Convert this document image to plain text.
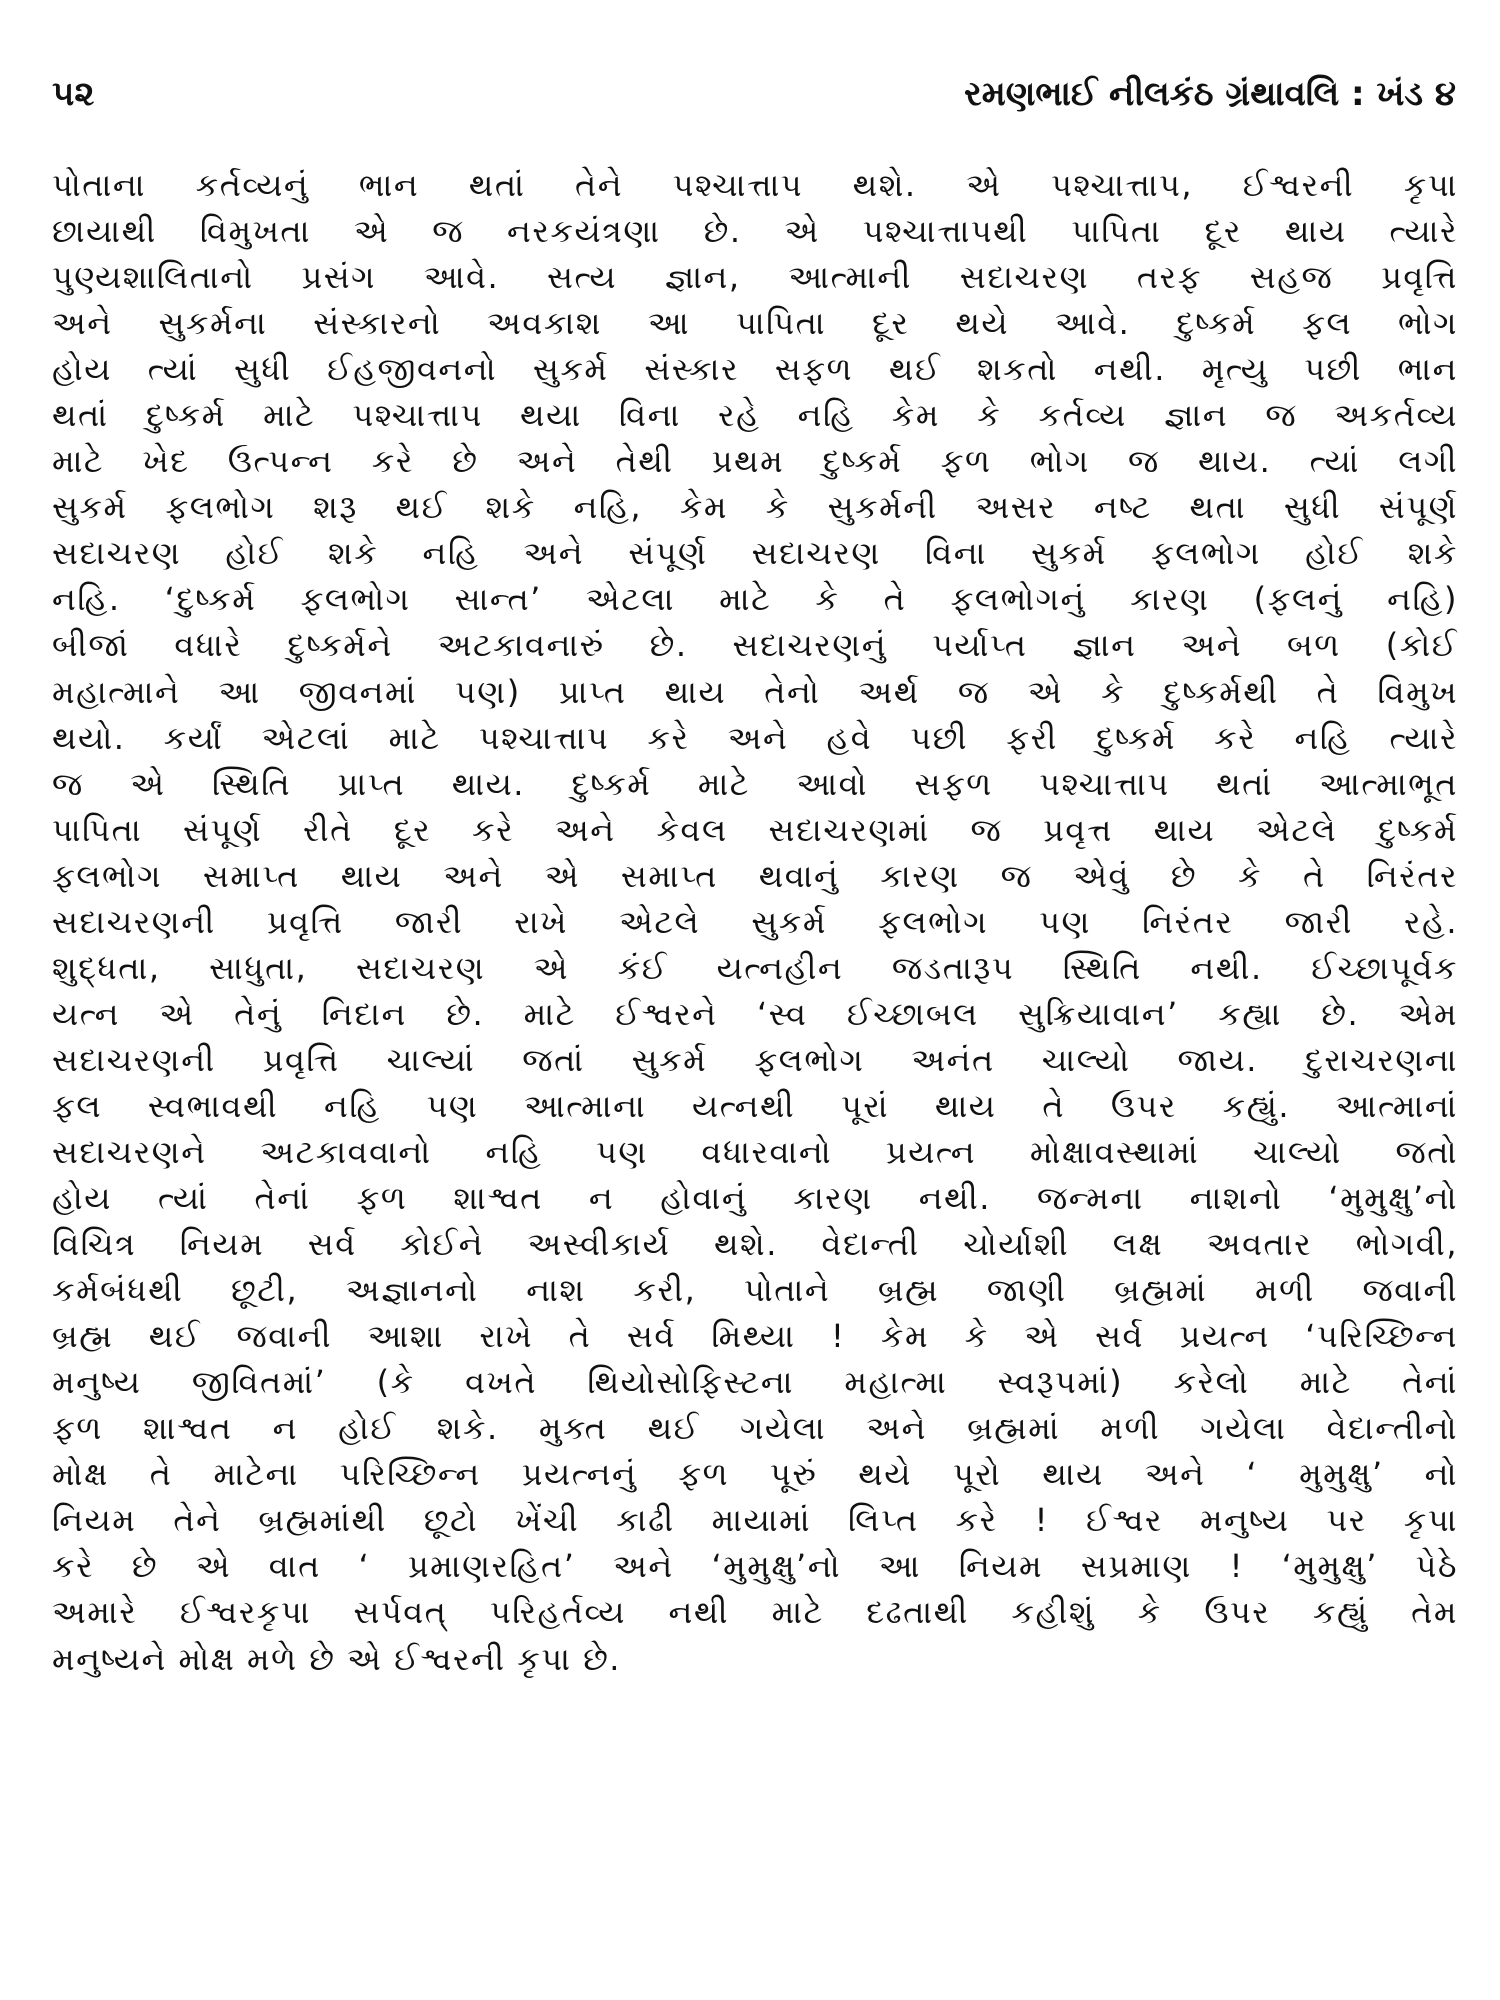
૫૨	રમણભાઈ નીલકંઠ ગ્રંથાવલિ : ખંડ ૪
પોતાના કર્તવ્યનું ભાન થતાં તેને પશ્ચાત્તાપ થશે. એ પશ્ચાત્તાપ, ઈશ્વરની કૃપા
છાયાથી વિમુખતા એ જ નરકયંત્રણા છે. એ પશ્ચાત્તાપથી પાપિતા દૂર થાય ત્યારે
પુણ્યશાલિતાનો પ્રસંગ આવે. સત્ય જ્ઞાન, આત્માની સદાચરણ તરફ સહજ પ્રવૃત્તિ
અને સુકર્મના સંસ્કારનો અવકાશ આ પાપિતા દૂર થયે આવે. દુષ્કર્મ ફલ ભોગ
હોય ત્યાં સુધી ઈહજીવનનો સુકર્મ સંસ્કાર સફળ થઈ શકતો નથી. મૃત્યુ પછી ભાન
થતાં દુષ્કર્મ માટે પશ્ચાત્તાપ થયા વિના રહે નહિ કેમ કે કર્તવ્ય જ્ઞાન જ અકર્તવ્ય
માટે ખેદ ઉત્પન્ન કરે છે અને તેથી પ્રથમ દુષ્કર્મ ફળ ભોગ જ થાય. ત્યાં લગી
સુકર્મ ફલભોગ શરૂ થઈ શકે નહિ, કેમ કે સુકર્મની અસર નષ્ટ થતા સુધી સંપૂર્ણ
સદાચરણ હોઈ શકે નહિ અને સંપૂર્ણ સદાચરણ વિના સુકર્મ ફલભોગ હોઈ શકે
નહિ. ‘દુષ્કર્મ ફલભોગ સાન્ત’ એટલા માટે કે તે ફલભોગનું કારણ (ફલનું નહિ)
બીજાં વધારે દુષ્કર્મને અટકાવનારું છે. સદાચરણનું પર્યાપ્ત જ્ઞાન અને બળ (કોઈ
મહાત્માને આ જીવનમાં પણ) પ્રાપ્ત થાય તેનો અર્થ જ એ કે દુષ્કર્મથી તે વિમુખ
થયો. કર્યાં એટલાં માટે પશ્ચાત્તાપ કરે અને હવે પછી ફરી દુષ્કર્મ કરે નહિ ત્યારે
જ એ સ્થિતિ પ્રાપ્ત થાય. દુષ્કર્મ માટે આવો સફળ પશ્ચાત્તાપ થતાં આત્માભૂત
પાપિતા સંપૂર્ણ રીતે દૂર કરે અને કેવલ સદાચરણમાં જ પ્રવૃત્ત થાય એટલે દુષ્કર્મ
ફલભોગ સમાપ્ત થાય અને એ સમાપ્ત થવાનું કારણ જ એવું છે કે તે નિરંતર
સદાચરણની પ્રવૃત્તિ જારી રાખે એટલે સુકર્મ ફલભોગ પણ નિરંતર જારી રહે.
શુદ્ધતા, સાધુતા, સદાચરણ એ કંઈ યત્નહીન જડતારૂપ સ્થિતિ નથી. ઈચ્છાપૂર્વક
યત્ન એ તેનું નિદાન છે. માટે ઈશ્વરને ‘સ્વ ઈચ્છાબલ સુક્રિયાવાન’ કહ્યા છે. એમ
સદાચરણની પ્રવૃત્તિ ચાલ્યાં જતાં સુકર્મ ફલભોગ અનંત ચાલ્યો જાય. દુરાચરણના
ફલ સ્વભાવથી નહિ પણ આત્માના યત્નથી પૂરાં થાય તે ઉપર કહ્યું. આત્માનાં
સદાચરણને અટકાવવાનો નહિ પણ વધારવાનો પ્રયત્ન મોક્ષાવસ્થામાં ચાલ્યો જતો
હોય ત્યાં તેનાં ફળ શાશ્વત ન હોવાનું કારણ નથી. જન્મના નાશનો ‘મુમુક્ષુ’નો
વિચિત્ર નિયમ સર્વ કોઈને અસ્વીકાર્ય થશે. વેદાન્તી ચોર્યાશી લક્ષ અવતાર ભોગવી,
કર્મબંધથી છૂટી, અજ્ઞાનનો નાશ કરી, પોતાને બ્રહ્મ જાણી બ્રહ્મમાં મળી જવાની
બ્રહ્મ થઈ જવાની આશા રાખે તે સર્વ મિથ્યા ! કેમ કે એ સર્વ પ્રયત્ન ‘પરિચ્છિન્ન
મનુષ્ય જીવિતમાં’ (કે વખતે થિયોસોફિસ્ટના મહાત્મા સ્વરૂપમાં) કરેલો માટે તેનાં
ફળ શાશ્વત ન હોઈ શકે. મુક્ત થઈ ગયેલા અને બ્રહ્મમાં મળી ગયેલા વેદાન્તીનો
મોક્ષ તે માટેના પરિચ્છિન્ન પ્રયત્નનું ફળ પૂરું થયે પૂરો થાય અને ‘ મુમુક્ષુ’ નો
નિયમ તેને બ્રહ્મમાંથી છૂટો ખેંચી કાઢી માયામાં લિપ્ત કરે ! ઈશ્વર મનુષ્ય પર કૃપા
કરે છે એ વાત ‘ પ્રમાણરહિત’ અને ‘મુમુક્ષુ’નો આ નિયમ સપ્રમાણ ! ‘મુમુક્ષુ’ પેઠે
અમારે ઈશ્વરકૃપા સર્પવત્ પરિહર્તવ્ય નથી માટે દઢતાથી કહીશું કે ઉપર કહ્યું તેમ
મનુષ્યને મોક્ષ મળે છે એ ઈશ્વરની કૃપા છે.
